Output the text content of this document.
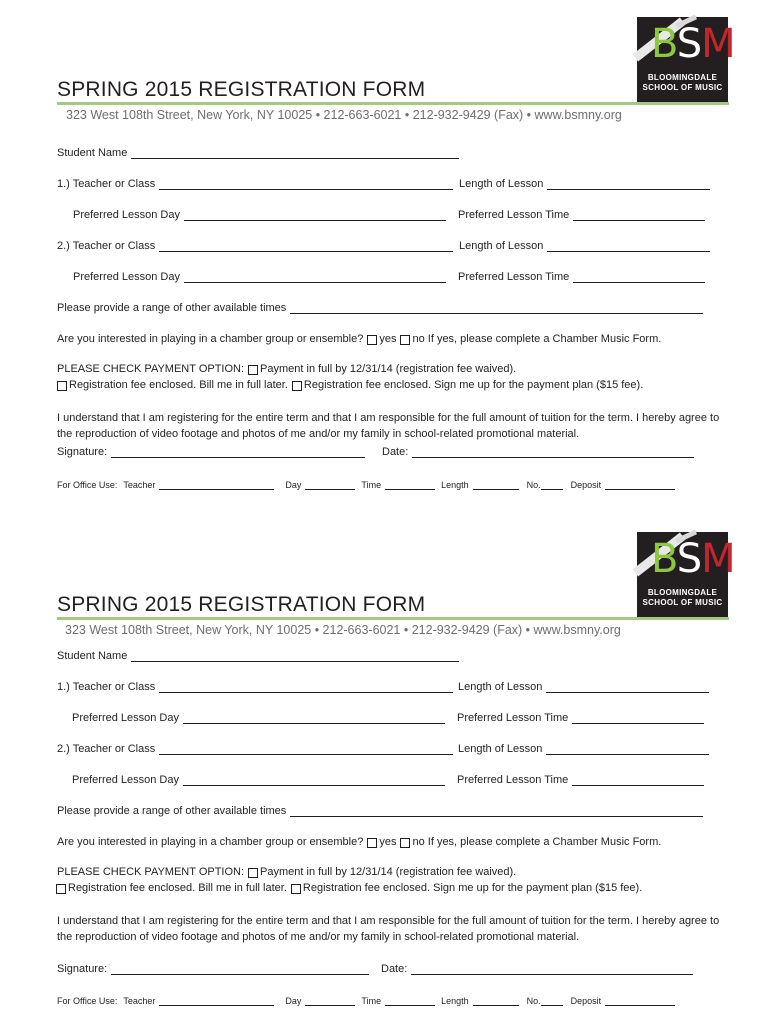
BSM
BLOOMINGDALE
SCHOOL OF MUSIC
SPRING 2015 REGISTRATION FORM
323 West 108th Street, New York, NY 10025 • 212-663-6021 • 212-932-9429 (Fax) • www.bsmny.org
Student Name
1.) Teacher or Class	Length of Lesson
Preferred Lesson Day	Preferred Lesson Time
2.) Teacher or Class	Length of Lesson
Preferred Lesson Day	Preferred Lesson Time
Please provide a range of other available times
Are you interested in playing in a chamber group or ensemble? yes no If yes, please complete a Chamber Music Form.
PLEASE CHECK PAYMENT OPTION: Payment in full by 12/31/14 (registration fee waived).
Registration fee enclosed. Bill me in full later. Registration fee enclosed. Sign me up for the payment plan ($15 fee).
I understand that I am registering for the entire term and that I am responsible for the full amount of tuition for the term. I hereby agree to the reproduction of video footage and photos of me and/or my family in school-related promotional material.
Signature:	Date:
For Office Use: Teacher	Day	Time	Length	No.	Deposit
BSM
BLOOMINGDALE
SCHOOL OF MUSIC
SPRING 2015 REGISTRATION FORM
323 West 108th Street, New York, NY 10025 • 212-663-6021 • 212-932-9429 (Fax) • www.bsmny.org
Student Name
1.) Teacher or Class	Length of Lesson
Preferred Lesson Day	Preferred Lesson Time
2.) Teacher or Class	Length of Lesson
Preferred Lesson Day	Preferred Lesson Time
Please provide a range of other available times
Are you interested in playing in a chamber group or ensemble? yes no If yes, please complete a Chamber Music Form.
PLEASE CHECK PAYMENT OPTION: Payment in full by 12/31/14 (registration fee waived).
Registration fee enclosed. Bill me in full later. Registration fee enclosed. Sign me up for the payment plan ($15 fee).
I understand that I am registering for the entire term and that I am responsible for the full amount of tuition for the term. I hereby agree to the reproduction of video footage and photos of me and/or my family in school-related promotional material.
Signature:	Date:
For Office Use: Teacher	Day	Time	Length	No.	Deposit
